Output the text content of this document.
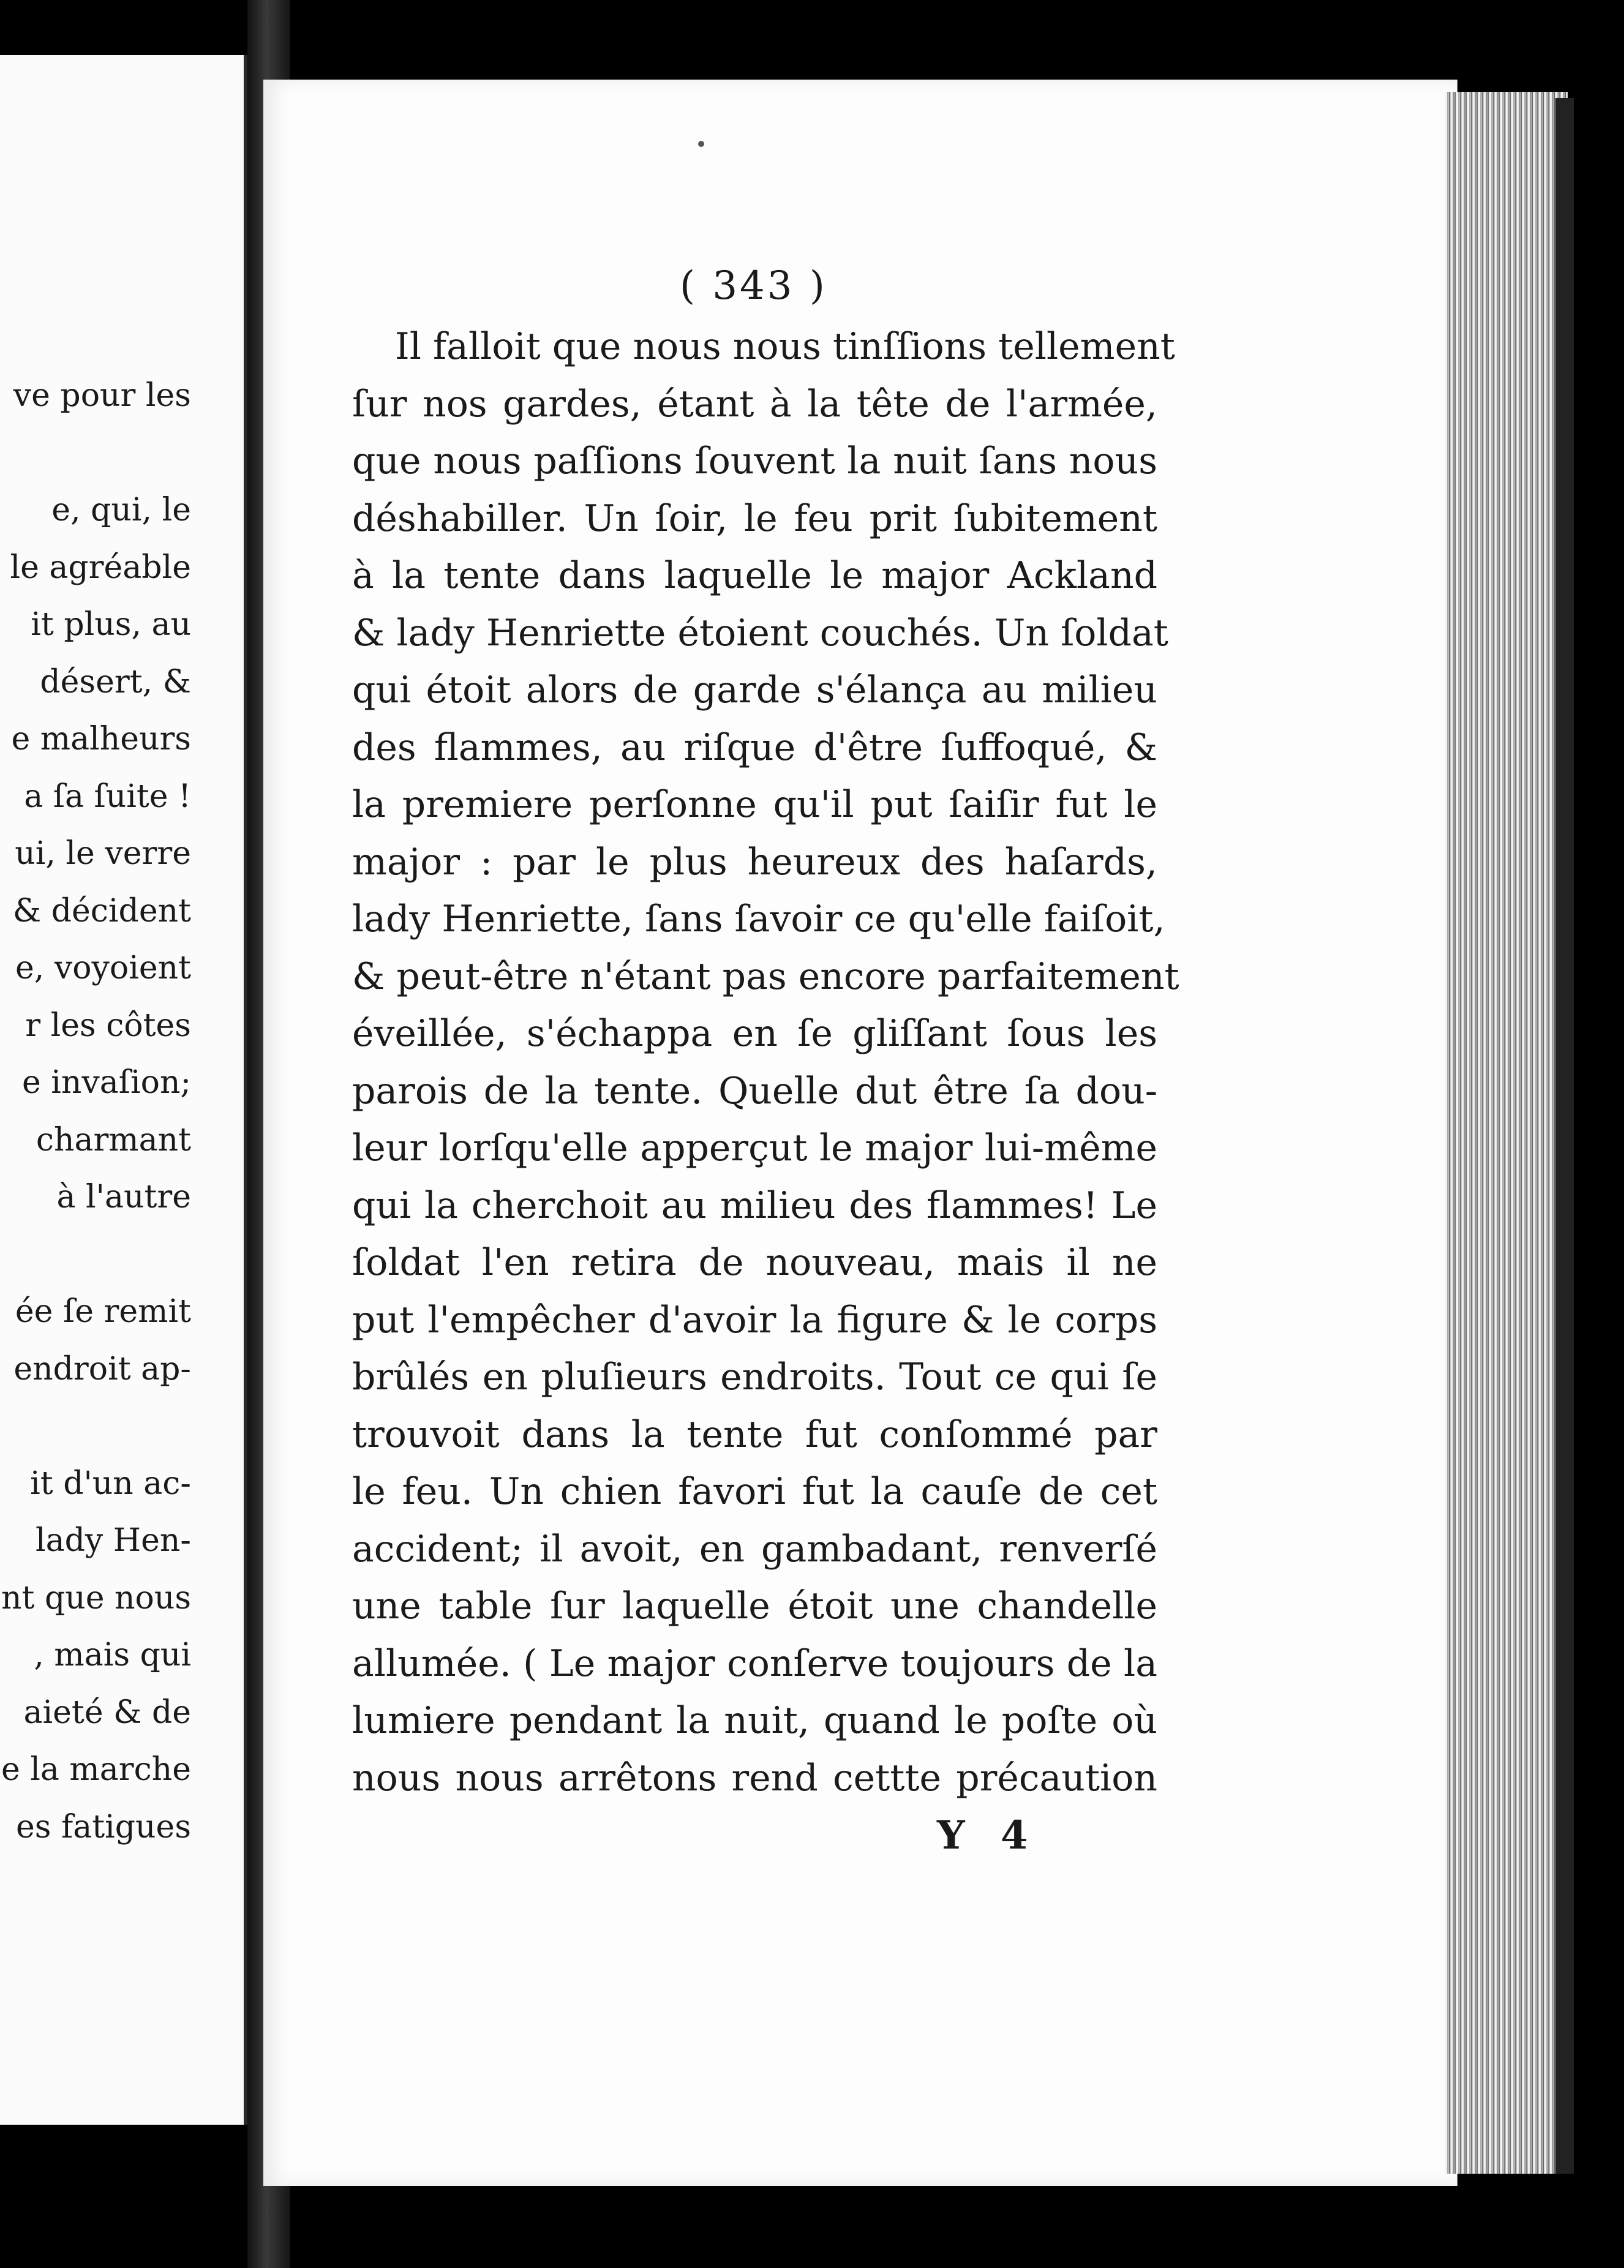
ve pour les
e, qui, le
le agréable
it plus, au
désert, &
e malheurs
a ſa ſuite !
ui, le verre
& décident
e, voyoient
r les côtes
e invaſion;
charmant
à l'autre
ée ſe remit
endroit ap-
it d'un ac-
lady Hen-
nt que nous
, mais qui
aieté & de
e la marche
es fatigues
( 343 )
Il falloit que nous nous tinſſions tellement
ſur nos gardes, étant à la tête de l'armée,
que nous paſſions ſouvent la nuit ſans nous
déshabiller. Un ſoir, le feu prit ſubitement
à la tente dans laquelle le major Ackland
& lady Henriette étoient couchés. Un ſoldat
qui étoit alors de garde s'élança au milieu
des flammes, au riſque d'être ſuffoqué, &
la premiere perſonne qu'il put ſaiſir fut le
major : par le plus heureux des haſards,
lady Henriette, ſans ſavoir ce qu'elle faiſoit,
& peut-être n'étant pas encore parfaitement
éveillée, s'échappa en ſe gliſſant ſous les
parois de la tente. Quelle dut être ſa dou-
leur lorſqu'elle apperçut le major lui-même
qui la cherchoit au milieu des flammes! Le
ſoldat l'en retira de nouveau, mais il ne
put l'empêcher d'avoir la figure & le corps
brûlés en pluſieurs endroits. Tout ce qui ſe
trouvoit dans la tente fut conſommé par
le feu. Un chien favori fut la cauſe de cet
accident; il avoit, en gambadant, renverſé
une table ſur laquelle étoit une chandelle
allumée. ( Le major conſerve toujours de la
lumiere pendant la nuit, quand le poſte où
nous nous arrêtons rend cettte précaution
Y 4
